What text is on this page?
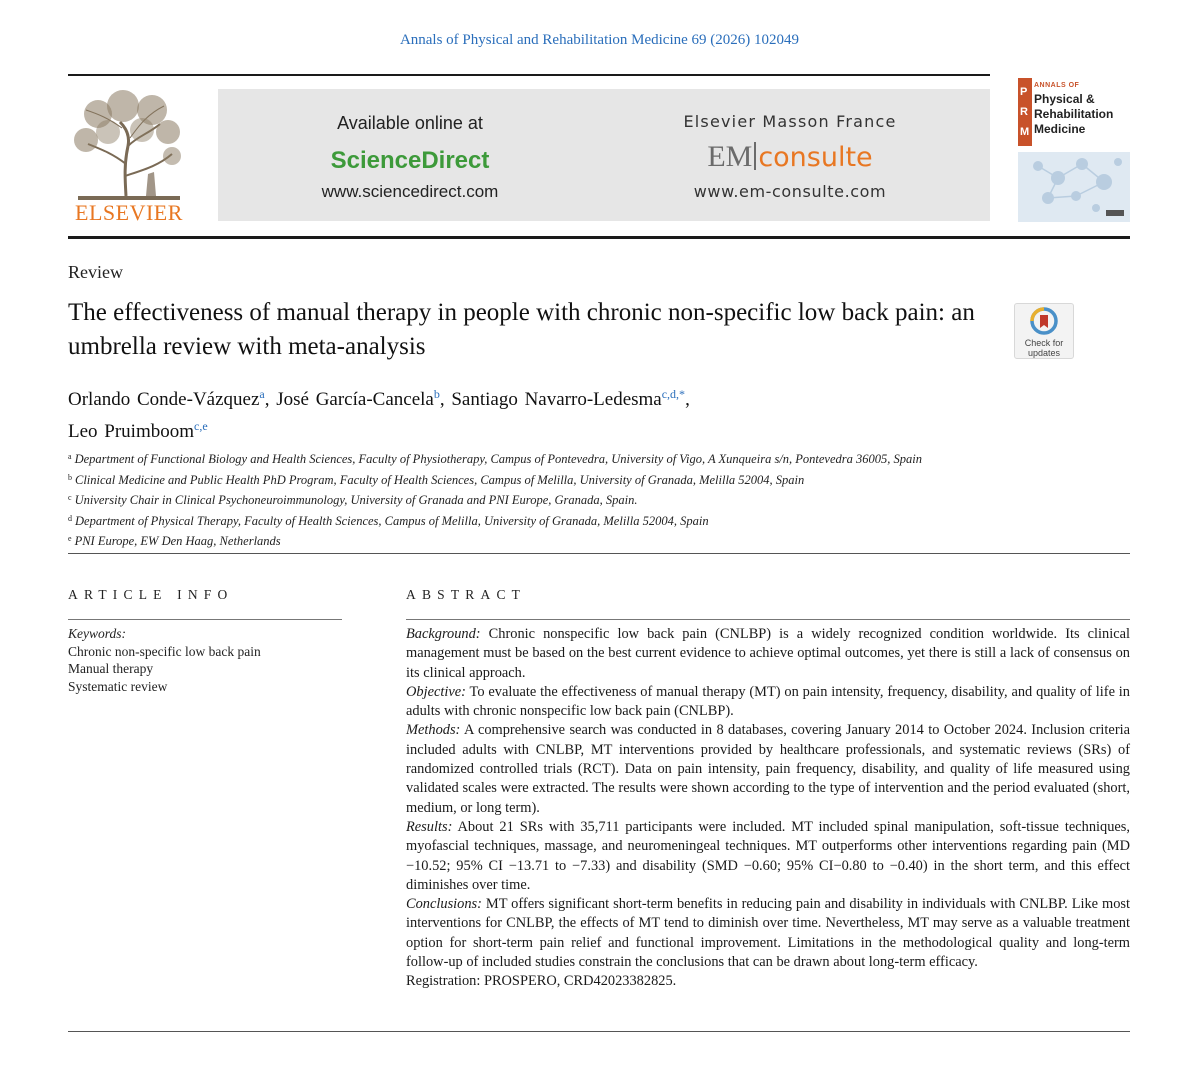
Annals of Physical and Rehabilitation Medicine 69 (2026) 102049
ELSEVIER
Available online at
ScienceDirect
www.sciencedirect.com
Elsevier Masson France
EM consulte
www.em-consulte.com
P
R
M
ANNALS OF
Physical &
Rehabilitation
Medicine
Review
The effectiveness of manual therapy in people with chronic non-specific low back pain: an umbrella review with meta-analysis	Check for
updates
Orlando Conde-Vázquez$^a$, José García-Cancela$^b$, Santiago Navarro-Ledesma$^{c,d,*}$,
Leo Pruimboom$^{c,e}$
$^a$ Department of Functional Biology and Health Sciences, Faculty of Physiotherapy, Campus of Pontevedra, University of Vigo, A Xunqueira s/n, Pontevedra 36005, Spain
$^b$ Clinical Medicine and Public Health PhD Program, Faculty of Health Sciences, Campus of Melilla, University of Granada, Melilla 52004, Spain
$^c$ University Chair in Clinical Psychoneuroimmunology, University of Granada and PNI Europe, Granada, Spain.
$^d$ Department of Physical Therapy, Faculty of Health Sciences, Campus of Melilla, University of Granada, Melilla 52004, Spain
$^e$ PNI Europe, EW Den Haag, Netherlands
ARTICLE INFO
Keywords:
Chronic non-specific low back pain
Manual therapy
Systematic review
ABSTRACT

Background: Chronic nonspecific low back pain (CNLBP) is a widely recognized condition worldwide. Its clinical management must be based on the best current evidence to achieve optimal outcomes, yet there is still a lack of consensus on its clinical approach.

Objective: To evaluate the effectiveness of manual therapy (MT) on pain intensity, frequency, disability, and quality of life in adults with chronic nonspecific low back pain (CNLBP).

Methods: A comprehensive search was conducted in 8 databases, covering January 2014 to October 2024. Inclusion criteria included adults with CNLBP, MT interventions provided by healthcare professionals, and systematic reviews (SRs) of randomized controlled trials (RCT). Data on pain intensity, pain frequency, disability, and quality of life measured using validated scales were extracted. The results were shown according to the type of intervention and the period evaluated (short, medium, or long term).

Results: About 21 SRs with 35,711 participants were included. MT included spinal manipulation, soft-tissue techniques, myofascial techniques, massage, and neuromeningeal techniques. MT outperforms other interventions regarding pain (MD −10.52; 95% CI −13.71 to −7.33) and disability (SMD −0.60; 95% CI−0.80 to −0.40) in the short term, and this effect diminishes over time.

Conclusions: MT offers significant short-term benefits in reducing pain and disability in individuals with CNLBP. Like most interventions for CNLBP, the effects of MT tend to diminish over time. Nevertheless, MT may serve as a valuable treatment option for short-term pain relief and functional improvement. Limitations in the methodological quality and long-term follow-up of included studies constrain the conclusions that can be drawn about long-term efficacy.

Registration: PROSPERO, CRD42023382825.
